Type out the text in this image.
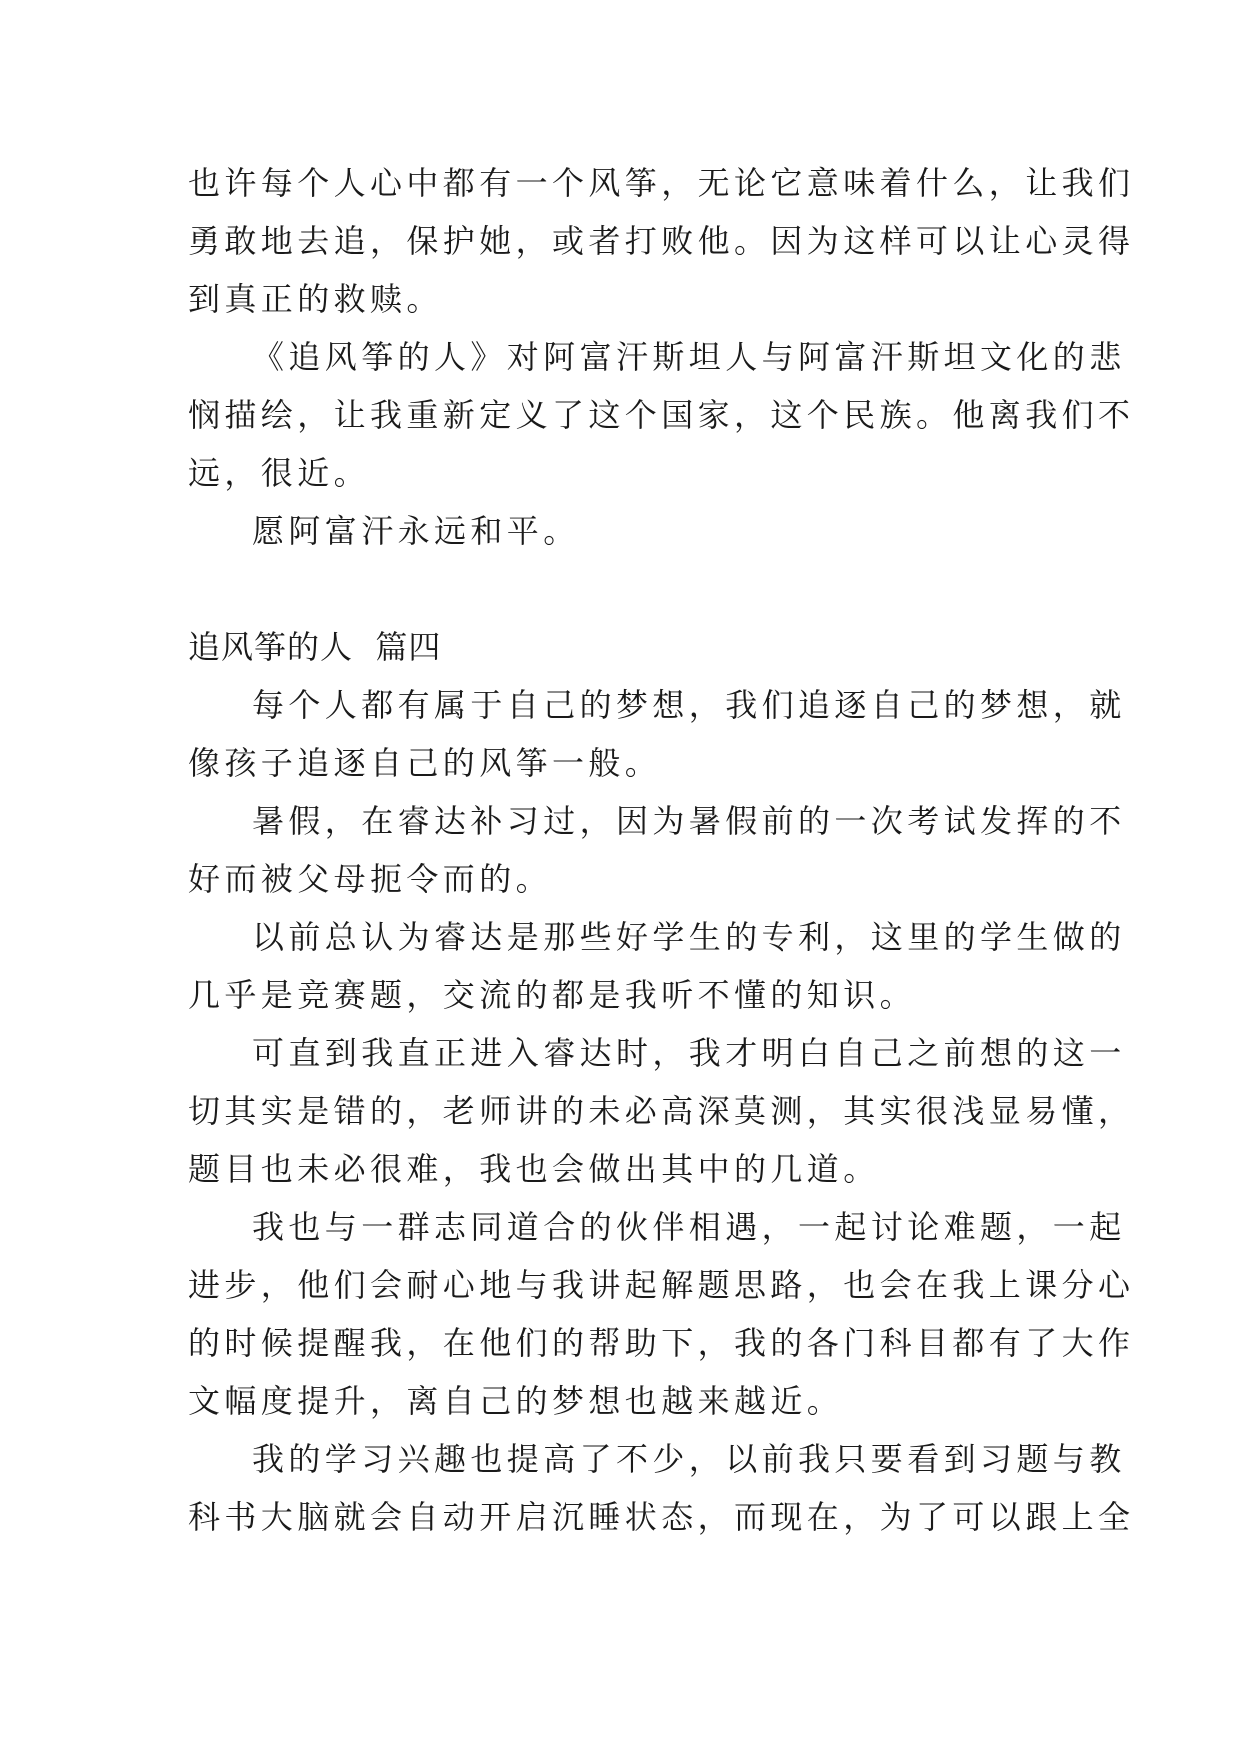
也许每个人心中都有一个风筝，无论它意味着什么，让我们
勇敢地去追，保护她，或者打败他。因为这样可以让心灵得
到真正的救赎。
《追风筝的人》对阿富汗斯坦人与阿富汗斯坦文化的悲
悯描绘，让我重新定义了这个国家，这个民族。他离我们不
远，很近。
愿阿富汗永远和平。
追风筝的人  篇四
每个人都有属于自己的梦想，我们追逐自己的梦想，就
像孩子追逐自己的风筝一般。
暑假，在睿达补习过，因为暑假前的一次考试发挥的不
好而被父母扼令而的。
以前总认为睿达是那些好学生的专利，这里的学生做的
几乎是竞赛题，交流的都是我听不懂的知识。
可直到我直正进入睿达时，我才明白自己之前想的这一
切其实是错的，老师讲的未必高深莫测，其实很浅显易懂，
题目也未必很难，我也会做出其中的几道。
我也与一群志同道合的伙伴相遇，一起讨论难题，一起
进步，他们会耐心地与我讲起解题思路，也会在我上课分心
的时候提醒我，在他们的帮助下，我的各门科目都有了大作
文幅度提升，离自己的梦想也越来越近。
我的学习兴趣也提高了不少，以前我只要看到习题与教
科书大脑就会自动开启沉睡状态，而现在，为了可以跟上全
